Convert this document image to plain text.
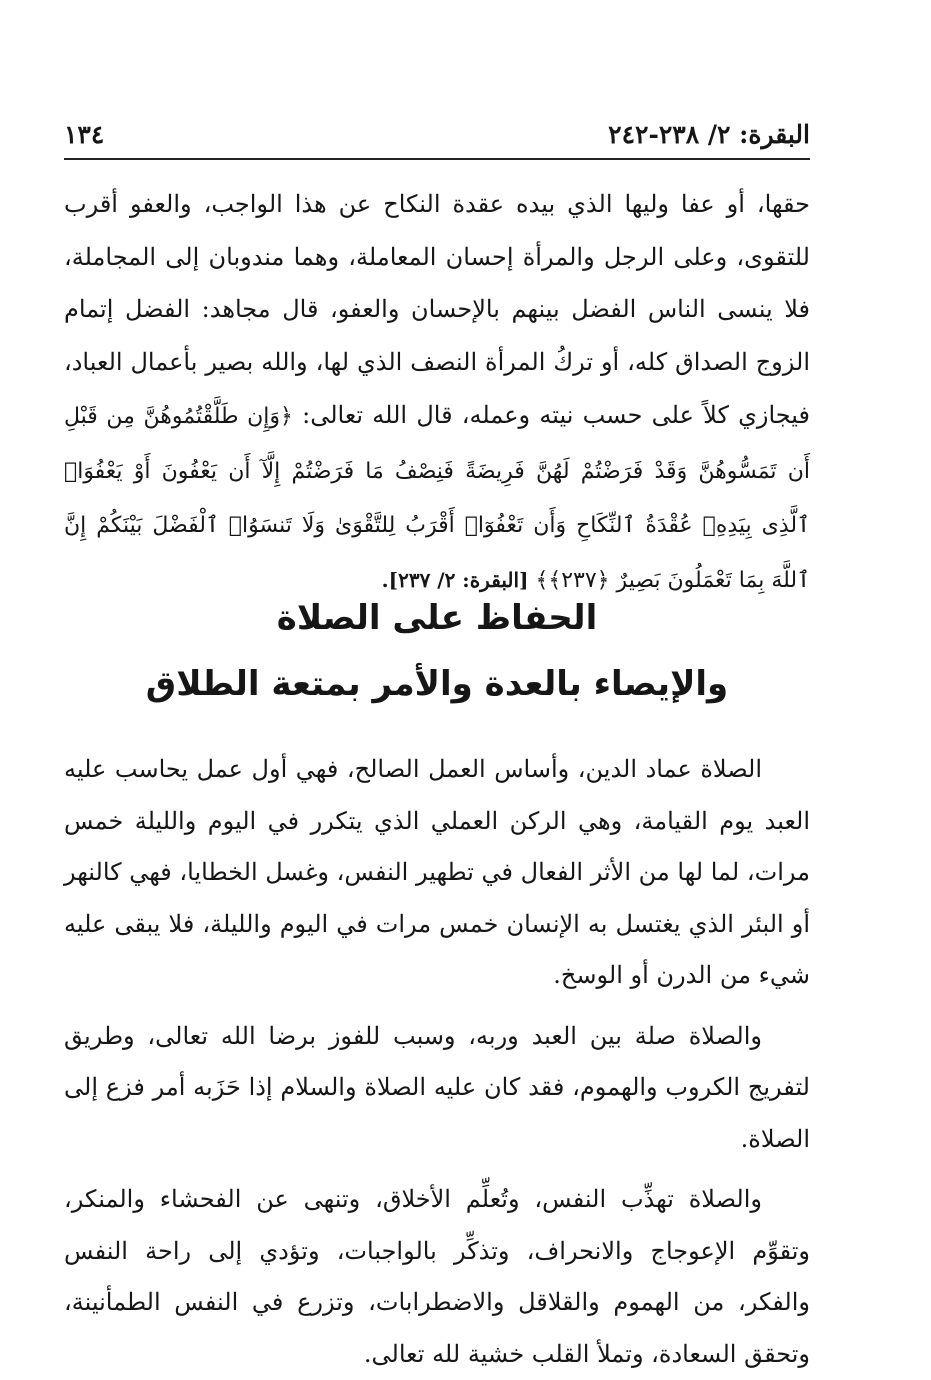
البقرة: ٢/ ٢٣٨-٢٤٢
١٣٤

حقها، أو عفا وليها الذي بيده عقدة النكاح عن هذا الواجب، والعفو أقرب للتقوى، وعلى الرجل والمرأة إحسان المعاملة، وهما مندوبان إلى المجاملة، فلا ينسى الناس الفضل بينهم بالإحسان والعفو، قال مجاهد: الفضل إتمام الزوج الصداق كله، أو تركُ المرأة النصف الذي لها، والله بصير بأعمال العباد، فيجازي كلاً على حسب نيته وعمله، قال الله تعالى: ﴿وَإِن طَلَّقْتُمُوهُنَّ مِن قَبْلِ أَن تَمَسُّوهُنَّ وَقَدْ فَرَضْتُمْ لَهُنَّ فَرِيضَةً فَنِصْفُ مَا فَرَضْتُمْ إِلَّآ أَن يَعْفُونَ أَوْ يَعْفُوَا۟ ٱلَّذِى بِيَدِهِۦ عُقْدَةُ ٱلنِّكَاحِ وَأَن تَعْفُوٓا۟ أَقْرَبُ لِلتَّقْوَىٰ وَلَا تَنسَوُا۟ ٱلْفَضْلَ بَيْنَكُمْ إِنَّ ٱللَّهَ بِمَا تَعْمَلُونَ بَصِيرٌ ﴿٢٣٧﴾﴾ [البقرة: ٢/ ٢٣٧].

الحفاظ على الصلاة
والإيصاء بالعدة والأمر بمتعة الطلاق

الصلاة عماد الدين، وأساس العمل الصالح، فهي أول عمل يحاسب عليه العبد يوم القيامة، وهي الركن العملي الذي يتكرر في اليوم والليلة خمس مرات، لما لها من الأثر الفعال في تطهير النفس، وغسل الخطايا، فهي كالنهر أو البئر الذي يغتسل به الإنسان خمس مرات في اليوم والليلة، فلا يبقى عليه شيء من الدرن أو الوسخ.

والصلاة صلة بين العبد وربه، وسبب للفوز برضا الله تعالى، وطريق لتفريج الكروب والهموم، فقد كان عليه الصلاة والسلام إذا حَزَبه أمر فزع إلى الصلاة.

والصلاة تهذِّب النفس، وتُعلِّم الأخلاق، وتنهى عن الفحشاء والمنكر، وتقوِّم الإعوجاج والانحراف، وتذكِّر بالواجبات، وتؤدي إلى راحة النفس والفكر، من الهموم والقلاقل والاضطرابات، وتزرع في النفس الطمأنينة، وتحقق السعادة، وتملأ القلب خشية لله تعالى.
